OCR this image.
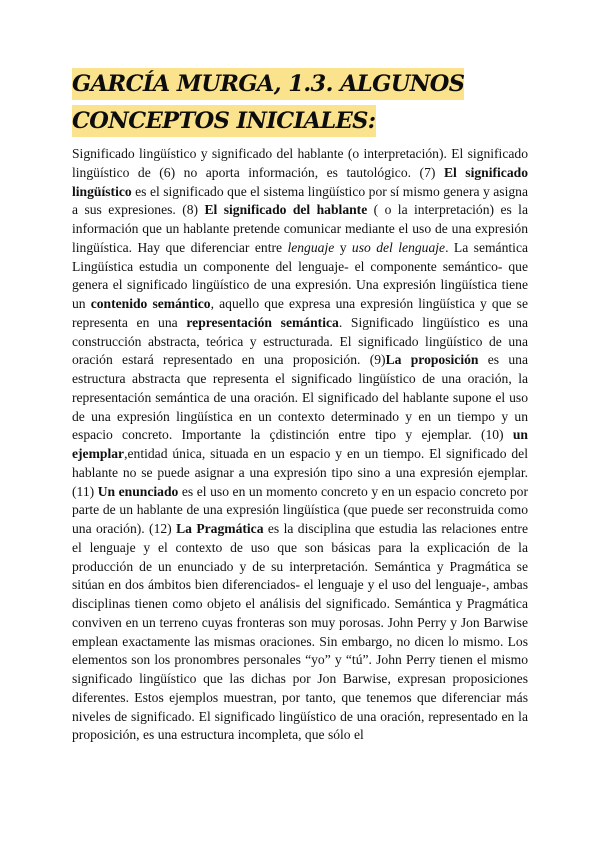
GARCÍA MURGA, 1.3. ALGUNOS CONCEPTOS INICIALES:

Significado lingüístico y significado del hablante (o interpretación). El significado lingüístico de (6) no aporta información, es tautológico. (7) El significado lingüístico es el significado que el sistema lingüístico por sí mismo genera y asigna a sus expresiones. (8) El significado del hablante ( o la interpretación) es la información que un hablante pretende comunicar mediante el uso de una expresión lingüística. Hay que diferenciar entre lenguaje y uso del lenguaje. La semántica Lingüística estudia un componente del lenguaje- el componente semántico- que genera el significado lingüístico de una expresión. Una expresión lingüística tiene un contenido semántico, aquello que expresa una expresión lingüística y que se representa en una representación semántica. Significado lingüístico es una construcción abstracta, teórica y estructurada. El significado lingüístico de una oración estará representado en una proposición. (9)La proposición es una estructura abstracta que representa el significado lingüístico de una oración, la representación semántica de una oración. El significado del hablante supone el uso de una expresión lingüística en un contexto determinado y en un tiempo y un espacio concreto. Importante la çdistinción entre tipo y ejemplar. (10) un ejemplar,entidad única, situada en un espacio y en un tiempo. El significado del hablante no se puede asignar a una expresión tipo sino a una expresión ejemplar. (11) Un enunciado es el uso en un momento concreto y en un espacio concreto por parte de un hablante de una expresión lingüística (que puede ser reconstruida como una oración). (12) La Pragmática es la disciplina que estudia las relaciones entre el lenguaje y el contexto de uso que son básicas para la explicación de la producción de un enunciado y de su interpretación. Semántica y Pragmática se sitúan en dos ámbitos bien diferenciados- el lenguaje y el uso del lenguaje-, ambas disciplinas tienen como objeto el análisis del significado. Semántica y Pragmática conviven en un terreno cuyas fronteras son muy porosas. John Perry y Jon Barwise emplean exactamente las mismas oraciones. Sin embargo, no dicen lo mismo. Los elementos son los pronombres personales “yo” y “tú”. John Perry tienen el mismo significado lingüístico que las dichas por Jon Barwise, expresan proposiciones diferentes. Estos ejemplos muestran, por tanto, que tenemos que diferenciar más niveles de significado. El significado lingüístico de una oración, representado en la proposición, es una estructura incompleta, que sólo el
